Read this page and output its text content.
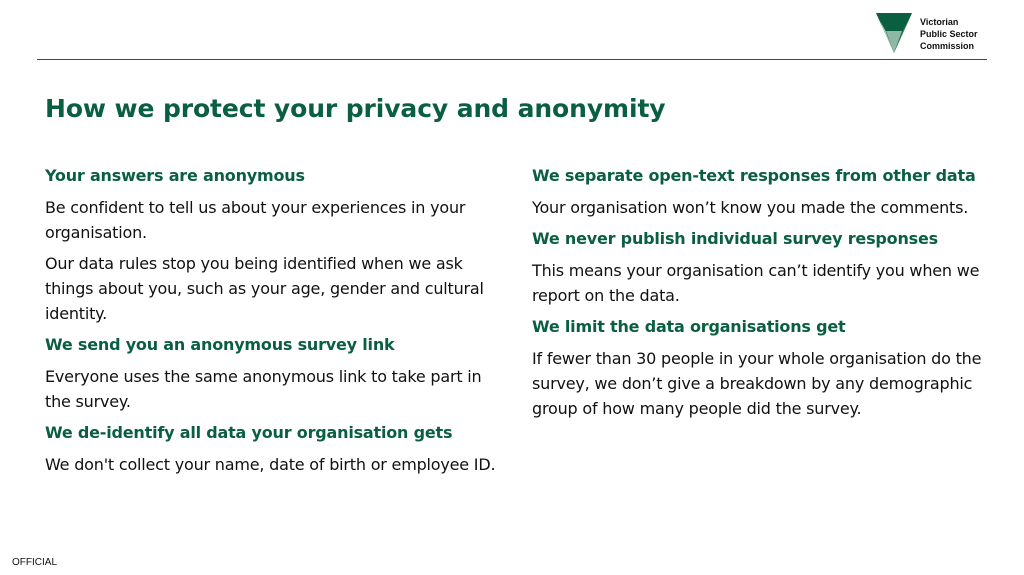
Victorian
Public Sector
Commission
How we protect your privacy and anonymity
Your answers are anonymous

Be confident to tell us about your experiences in your organisation.

Our data rules stop you being identified when we ask things about you, such as your age, gender and cultural identity.

We send you an anonymous survey link

Everyone uses the same anonymous link to take part in the survey.

We de-identify all data your organisation gets

We don't collect your name, date of birth or employee ID.

We separate open-text responses from other data

Your organisation won’t know you made the comments.

We never publish individual survey responses

This means your organisation can’t identify you when we report on the data.

We limit the data organisations get

If fewer than 30 people in your whole organisation do the survey, we don’t give a breakdown by any demographic group of how many people did the survey.

OFFICIAL
